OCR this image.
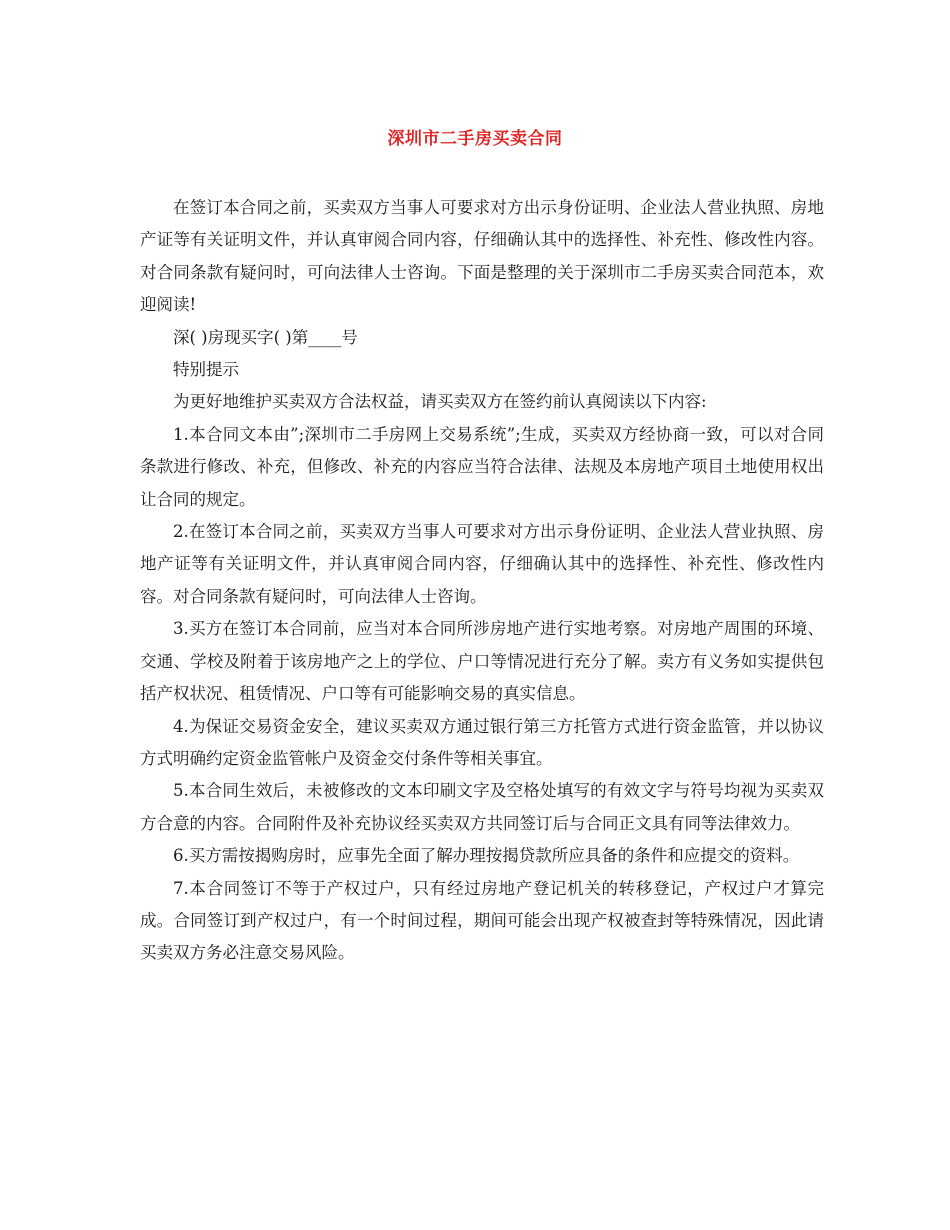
深圳市二手房买卖合同

在签订本合同之前，买卖双方当事人可要求对方出示身份证明、企业法人营业执照、房地产证等有关证明文件，并认真审阅合同内容，仔细确认其中的选择性、补充性、修改性内容。对合同条款有疑问时，可向法律人士咨询。下面是整理的关于深圳市二手房买卖合同范本，欢迎阅读!

深( )房现买字( )第____号

特别提示

为更好地维护买卖双方合法权益，请买卖双方在签约前认真阅读以下内容:

1.本合同文本由”;深圳市二手房网上交易系统”;生成，买卖双方经协商一致，可以对合同条款进行修改、补充，但修改、补充的内容应当符合法律、法规及本房地产项目土地使用权出让合同的规定。

2.在签订本合同之前，买卖双方当事人可要求对方出示身份证明、企业法人营业执照、房地产证等有关证明文件，并认真审阅合同内容，仔细确认其中的选择性、补充性、修改性内容。对合同条款有疑问时，可向法律人士咨询。

3.买方在签订本合同前，应当对本合同所涉房地产进行实地考察。对房地产周围的环境、交通、学校及附着于该房地产之上的学位、户口等情况进行充分了解。卖方有义务如实提供包括产权状况、租赁情况、户口等有可能影响交易的真实信息。

4.为保证交易资金安全，建议买卖双方通过银行第三方托管方式进行资金监管，并以协议方式明确约定资金监管帐户及资金交付条件等相关事宜。

5.本合同生效后，未被修改的文本印刷文字及空格处填写的有效文字与符号均视为买卖双方合意的内容。合同附件及补充协议经买卖双方共同签订后与合同正文具有同等法律效力。

6.买方需按揭购房时，应事先全面了解办理按揭贷款所应具备的条件和应提交的资料。

7.本合同签订不等于产权过户，只有经过房地产登记机关的转移登记，产权过户才算完成。合同签订到产权过户，有一个时间过程，期间可能会出现产权被查封等特殊情况，因此请买卖双方务必注意交易风险。
